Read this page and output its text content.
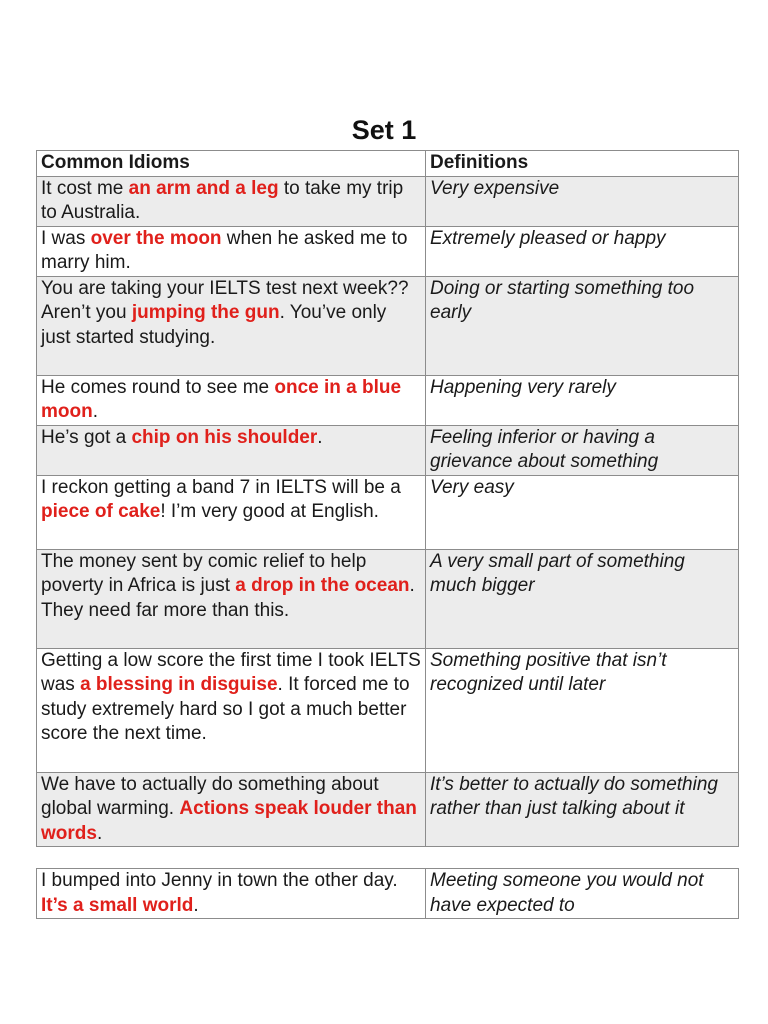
Set 1
Common Idioms	Definitions
It cost me an arm and a leg to take my trip to Australia.	Very expensive
I was over the moon when he asked me to marry him.	Extremely pleased or happy
You are taking your IELTS test next week?? Aren’t you jumping the gun. You’ve only just started studying.	Doing or starting something too early
He comes round to see me once in a blue moon.	Happening very rarely
He’s got a chip on his shoulder.	Feeling inferior or having a grievance about something
I reckon getting a band 7 in IELTS will be a piece of cake! I’m very good at English.	Very easy
The money sent by comic relief to help poverty in Africa is just a drop in the ocean. They need far more than this.	A very small part of something much bigger
Getting a low score the first time I took IELTS was a blessing in disguise. It forced me to study extremely hard so I got a much better score the next time.	Something positive that isn’t recognized until later
We have to actually do something about global warming. Actions speak louder than words.	It’s better to actually do something rather than just talking about it
I bumped into Jenny in town the other day. It’s a small world.	Meeting someone you would not have expected to
